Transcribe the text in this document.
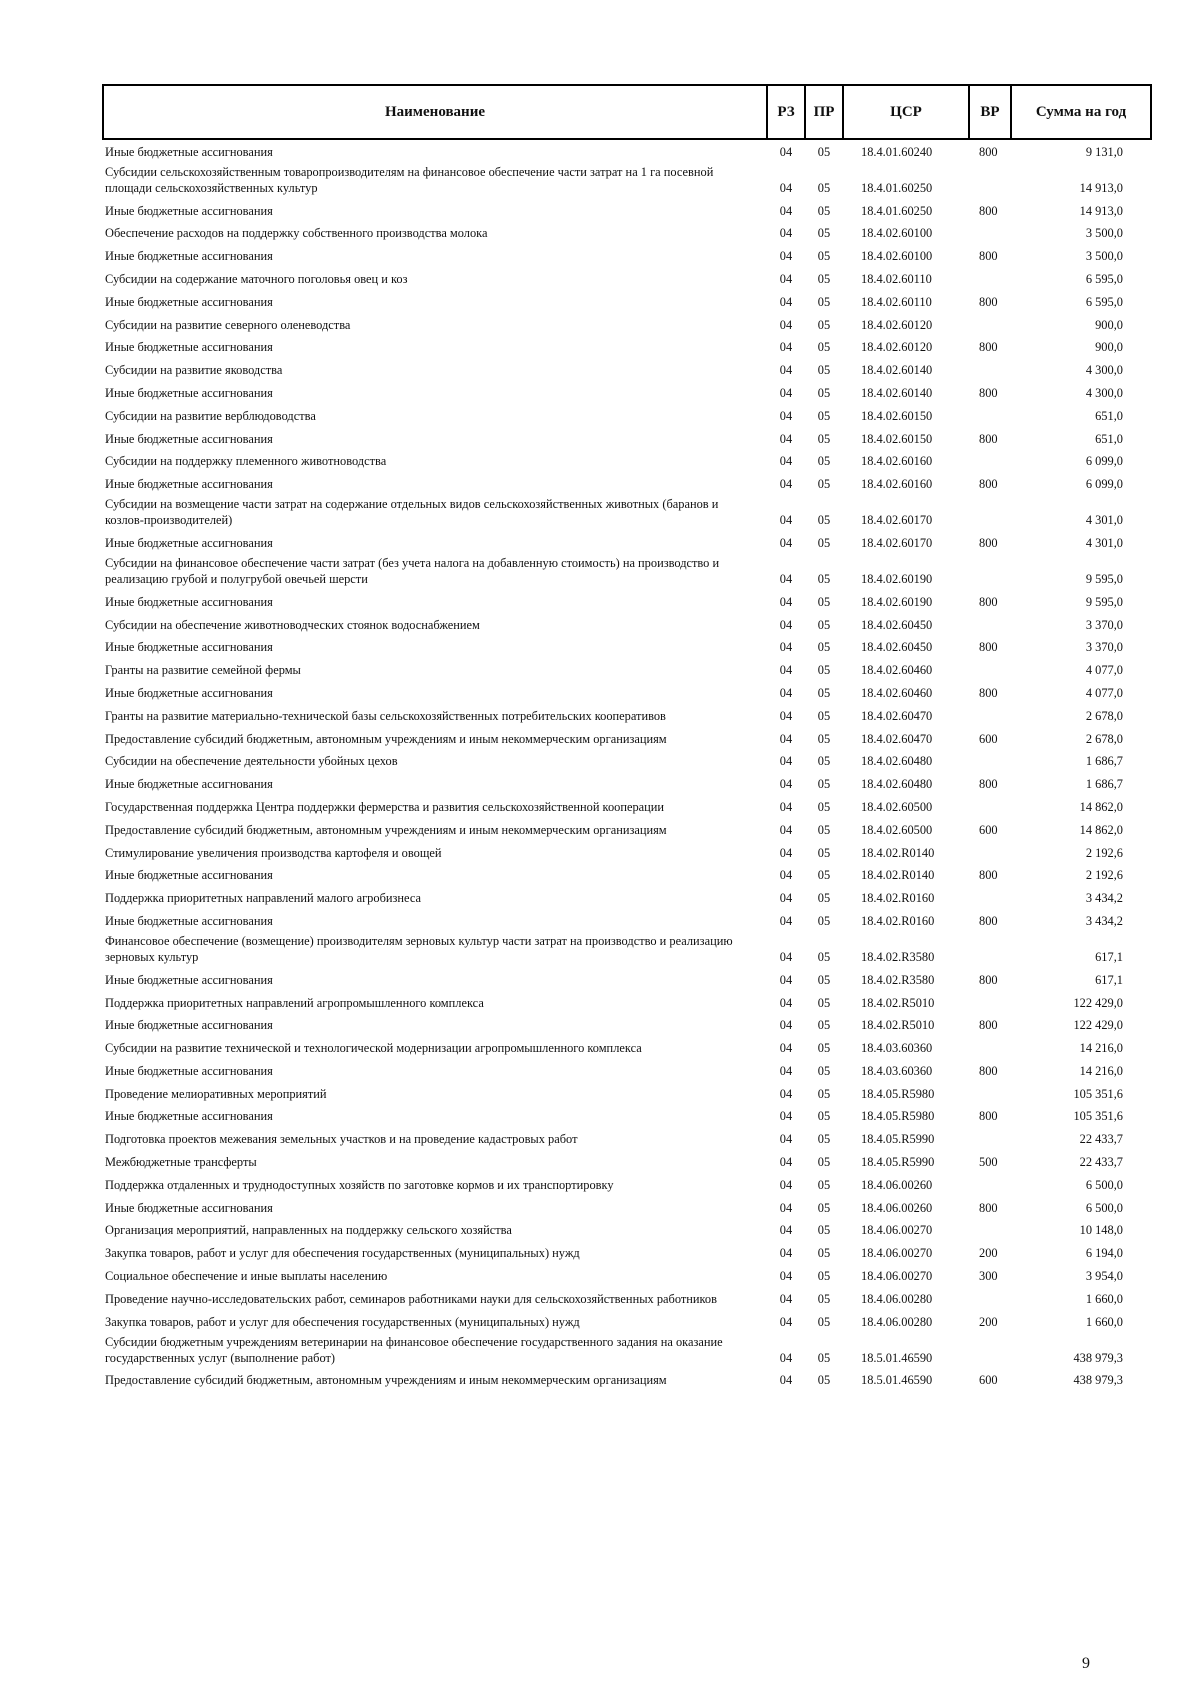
Наименование	РЗ	ПР	ЦСР	ВР	Сумма на год
Иные бюджетные ассигнования	04	05	18.4.01.60240	800	9 131,0
Субсидии сельскохозяйственным товаропроизводителям на финансовое обеспечение части затрат на 1 га посевной площади сельскохозяйственных культур	04	05	18.4.01.60250		14 913,0
Иные бюджетные ассигнования	04	05	18.4.01.60250	800	14 913,0
Обеспечение расходов на поддержку собственного производства молока	04	05	18.4.02.60100		3 500,0
Иные бюджетные ассигнования	04	05	18.4.02.60100	800	3 500,0
Субсидии на содержание маточного поголовья овец и коз	04	05	18.4.02.60110		6 595,0
Иные бюджетные ассигнования	04	05	18.4.02.60110	800	6 595,0
Субсидии на развитие северного оленеводства	04	05	18.4.02.60120		900,0
Иные бюджетные ассигнования	04	05	18.4.02.60120	800	900,0
Субсидии на развитие яководства	04	05	18.4.02.60140		4 300,0
Иные бюджетные ассигнования	04	05	18.4.02.60140	800	4 300,0
Субсидии на развитие верблюдоводства	04	05	18.4.02.60150		651,0
Иные бюджетные ассигнования	04	05	18.4.02.60150	800	651,0
Субсидии на поддержку племенного животноводства	04	05	18.4.02.60160		6 099,0
Иные бюджетные ассигнования	04	05	18.4.02.60160	800	6 099,0
Субсидии на возмещение части затрат на содержание отдельных видов сельскохозяйственных животных (баранов и козлов-производителей)	04	05	18.4.02.60170		4 301,0
Иные бюджетные ассигнования	04	05	18.4.02.60170	800	4 301,0
Субсидии на финансовое обеспечение части затрат (без учета налога на добавленную стоимость) на производство и реализацию грубой и полугрубой овечьей шерсти	04	05	18.4.02.60190		9 595,0
Иные бюджетные ассигнования	04	05	18.4.02.60190	800	9 595,0
Субсидии на обеспечение животноводческих стоянок водоснабжением	04	05	18.4.02.60450		3 370,0
Иные бюджетные ассигнования	04	05	18.4.02.60450	800	3 370,0
Гранты на развитие семейной фермы	04	05	18.4.02.60460		4 077,0
Иные бюджетные ассигнования	04	05	18.4.02.60460	800	4 077,0
Гранты на развитие материально-технической базы сельскохозяйственных потребительских кооперативов	04	05	18.4.02.60470		2 678,0
Предоставление субсидий бюджетным, автономным учреждениям и иным некоммерческим организациям	04	05	18.4.02.60470	600	2 678,0
Субсидии на обеспечение деятельности убойных цехов	04	05	18.4.02.60480		1 686,7
Иные бюджетные ассигнования	04	05	18.4.02.60480	800	1 686,7
Государственная поддержка Центра поддержки фермерства и развития сельскохозяйственной кооперации	04	05	18.4.02.60500		14 862,0
Предоставление субсидий бюджетным, автономным учреждениям и иным некоммерческим организациям	04	05	18.4.02.60500	600	14 862,0
Стимулирование увеличения производства картофеля и овощей	04	05	18.4.02.R0140		2 192,6
Иные бюджетные ассигнования	04	05	18.4.02.R0140	800	2 192,6
Поддержка приоритетных направлений малого агробизнеса	04	05	18.4.02.R0160		3 434,2
Иные бюджетные ассигнования	04	05	18.4.02.R0160	800	3 434,2
Финансовое обеспечение (возмещение) производителям зерновых культур части затрат на производство и реализацию зерновых культур	04	05	18.4.02.R3580		617,1
Иные бюджетные ассигнования	04	05	18.4.02.R3580	800	617,1
Поддержка приоритетных направлений агропромышленного комплекса	04	05	18.4.02.R5010		122 429,0
Иные бюджетные ассигнования	04	05	18.4.02.R5010	800	122 429,0
Субсидии на развитие технической и технологической модернизации агропромышленного комплекса	04	05	18.4.03.60360		14 216,0
Иные бюджетные ассигнования	04	05	18.4.03.60360	800	14 216,0
Проведение мелиоративных мероприятий	04	05	18.4.05.R5980		105 351,6
Иные бюджетные ассигнования	04	05	18.4.05.R5980	800	105 351,6
Подготовка проектов межевания земельных участков и на проведение кадастровых работ	04	05	18.4.05.R5990		22 433,7
Межбюджетные трансферты	04	05	18.4.05.R5990	500	22 433,7
Поддержка отдаленных и труднодоступных хозяйств по заготовке кормов и их транспортировку	04	05	18.4.06.00260		6 500,0
Иные бюджетные ассигнования	04	05	18.4.06.00260	800	6 500,0
Организация мероприятий, направленных на поддержку сельского хозяйства	04	05	18.4.06.00270		10 148,0
Закупка товаров, работ и услуг для обеспечения государственных (муниципальных) нужд	04	05	18.4.06.00270	200	6 194,0
Социальное обеспечение и иные выплаты населению	04	05	18.4.06.00270	300	3 954,0
Проведение научно-исследовательских работ, семинаров работниками науки для сельскохозяйственных работников	04	05	18.4.06.00280		1 660,0
Закупка товаров, работ и услуг для обеспечения государственных (муниципальных) нужд	04	05	18.4.06.00280	200	1 660,0
Субсидии бюджетным учреждениям ветеринарии на финансовое обеспечение государственного задания на оказание государственных услуг (выполнение работ)	04	05	18.5.01.46590		438 979,3
Предоставление субсидий бюджетным, автономным учреждениям и иным некоммерческим организациям	04	05	18.5.01.46590	600	438 979,3
9
